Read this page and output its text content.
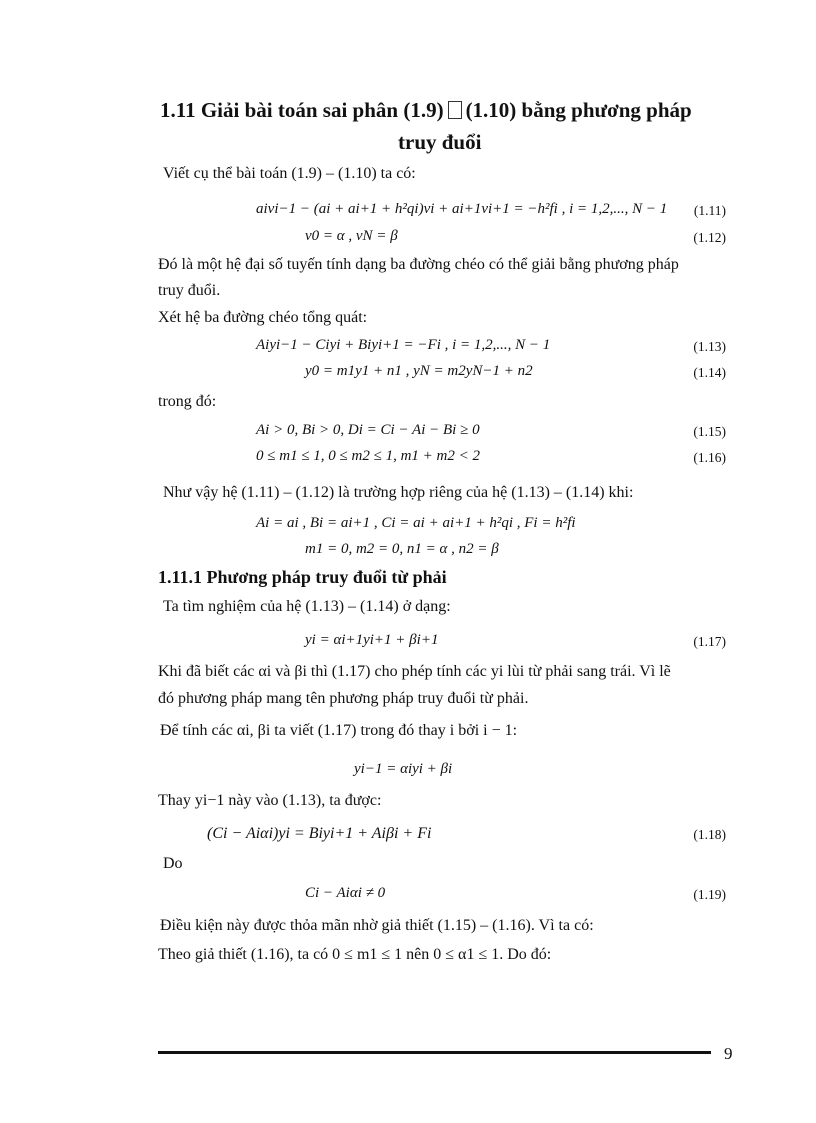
1.11 Giải bài toán sai phân (1.9) (1.10) bằng phương pháp
truy đuổi
Viết cụ thể bài toán (1.9) – (1.10) ta có:
aivi−1 − (ai + ai+1 + h²qi)vi + ai+1vi+1 = −h²fi , i = 1,2,..., N − 1 (1.11)
v0 = α , vN = β	(1.12)
Đó là một hệ đại số tuyến tính dạng ba đường chéo có thể giải bằng phương pháp
truy đuổi.
Xét hệ ba đường chéo tổng quát:
Aiyi−1 − Ciyi + Biyi+1 = −Fi , i = 1,2,..., N − 1	(1.13)
y0 = m1y1 + n1 , yN = m2yN−1 + n2	(1.14)
trong đó:
Ai > 0, Bi > 0, Di = Ci − Ai − Bi ≥ 0	(1.15)
0 ≤ m1 ≤ 1, 0 ≤ m2 ≤ 1, m1 + m2 < 2	(1.16)
Như vậy hệ (1.11) – (1.12) là trường hợp riêng của hệ (1.13) – (1.14) khi:
Ai = ai , Bi = ai+1 , Ci = ai + ai+1 + h²qi , Fi = h²fi
m1 = 0, m2 = 0, n1 = α , n2 = β
1.11.1 Phương pháp truy đuổi từ phải
Ta tìm nghiệm của hệ (1.13) – (1.14) ở dạng:
yi = αi+1yi+1 + βi+1	(1.17)
Khi đã biết các αi và βi thì (1.17) cho phép tính các yi lùi từ phải sang trái. Vì lẽ
đó phương pháp mang tên phương pháp truy đuổi từ phải.
Để tính các αi, βi ta viết (1.17) trong đó thay i bởi i − 1:
yi−1 = αiyi + βi
Thay yi−1 này vào (1.13), ta được:
(Ci − Aiαi)yi = Biyi+1 + Aiβi + Fi	(1.18)
Do
Ci − Aiαi ≠ 0	(1.19)
Điều kiện này được thỏa mãn nhờ giả thiết (1.15) – (1.16). Vì ta có:
Theo giả thiết (1.16), ta có 0 ≤ m1 ≤ 1 nên 0 ≤ α1 ≤ 1. Do đó:
9
